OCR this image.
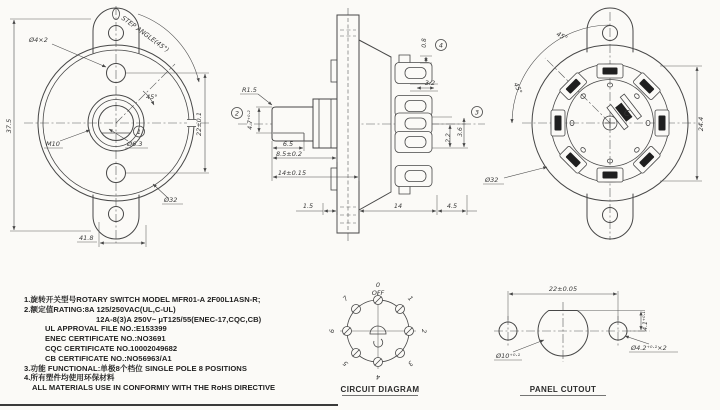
37.5
Ø4×2	STEP ANGLE(45°)
45°
22±0.1
M10	Ø6.3
1
Ø32
41.8
R1.5
2 4.7⁺⁰·²
6.5
8.5±0.2
14±0.15
0.8 4
3.2
2.2
3.6
3
1.5	14	4.5
C
45°
45°
Ø32
24.4
0
OFF
1
2
3
4
5
6
7
CIRCUIT DIAGRAM
22±0.05
4.1⁺⁰·¹
Ø10⁺⁰·¹
Ø4.2⁺⁰·¹×2
PANEL CUTOUT
1.旋转开关型号ROTARY SWITCH MODEL MFR01-A 2F00L1ASN-R;
2.额定值RATING:8A 125/250VAC(UL,C-UL)
12A-8(3)A 250V~ μT125/55(ENEC-17,CQC,CB)
UL APPROVAL FILE NO.:E153399
ENEC CERTIFICATE NO.:NO3691
CQC CERTIFICATE NO.10002049682
CB CERTIFICATE NO.:NO56963/A1
3.功能 FUNCTIONAL:单极8个档位 SINGLE POLE 8 POSITIONS
4.所有塑件均使用环保材料
ALL MATERIALS USE IN CONFORMIY WITH THE RoHS DIRECTIVE
